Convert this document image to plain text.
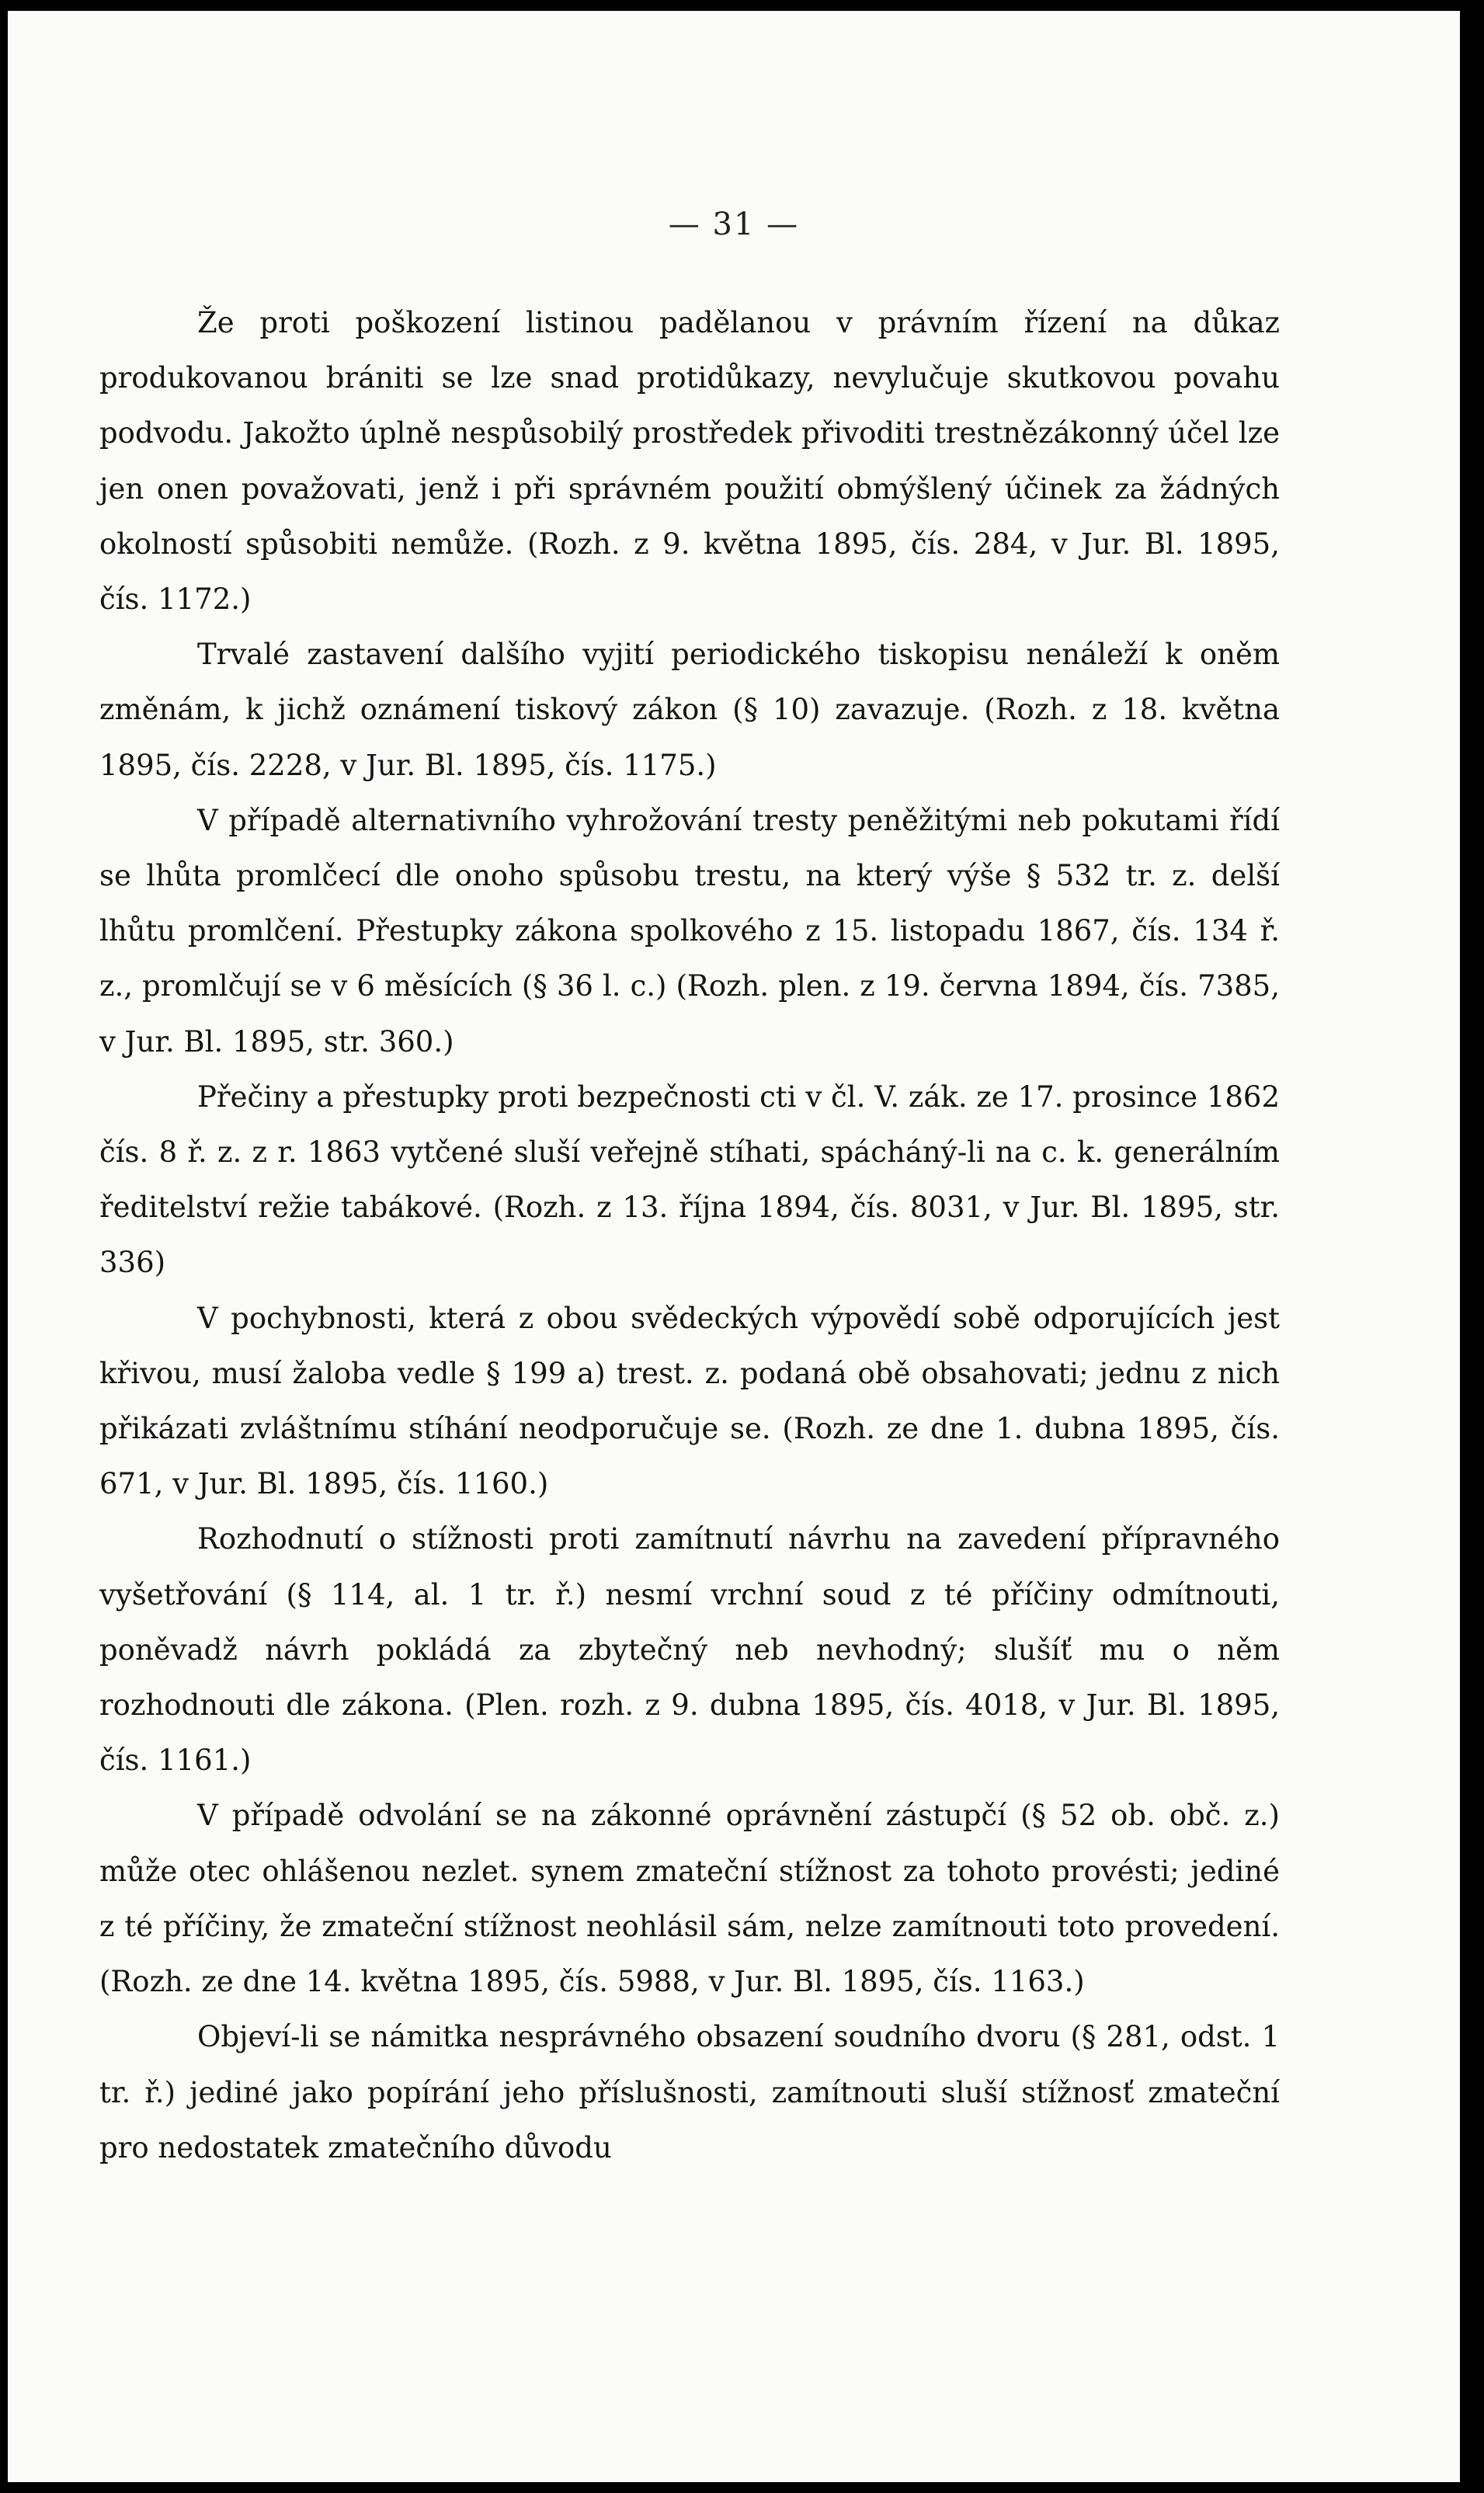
— 31 —

Že proti poškození listinou padělanou v právním řízení na důkaz produkovanou brániti se lze snad protidůkazy, nevylučuje skutkovou povahu podvodu. Jakožto úplně nespůsobilý prostředek přivoditi trestnězákonný účel lze jen onen považovati, jenž i při správném použití obmýšlený účinek za žádných okolností spůsobiti nemůže. (Rozh. z 9. května 1895, čís. 284, v Jur. Bl. 1895, čís. 1172.)

Trvalé zastavení dalšího vyjití periodického tiskopisu nenáleží k oněm změnám, k jichž oznámení tiskový zákon (§ 10) zavazuje. (Rozh. z 18. května 1895, čís. 2228, v Jur. Bl. 1895, čís. 1175.)

V případě alternativního vyhrožování tresty peněžitými neb pokutami řídí se lhůta promlčecí dle onoho spůsobu trestu, na který výše § 532 tr. z. delší lhůtu promlčení. Přestupky zákona spolkového z 15. listopadu 1867, čís. 134 ř. z., promlčují se v 6 měsících (§ 36 l. c.) (Rozh. plen. z 19. června 1894, čís. 7385, v Jur. Bl. 1895, str. 360.)

Přečiny a přestupky proti bezpečnosti cti v čl. V. zák. ze 17. prosince 1862 čís. 8 ř. z. z r. 1863 vytčené sluší veřejně stíhati, spácháný-li na c. k. generálním ředitelství režie tabákové. (Rozh. z 13. října 1894, čís. 8031, v Jur. Bl. 1895, str. 336)

V pochybnosti, která z obou svědeckých výpovědí sobě odporujících jest křivou, musí žaloba vedle § 199 a) trest. z. podaná obě obsahovati; jednu z nich přikázati zvláštnímu stíhání neodporučuje se. (Rozh. ze dne 1. dubna 1895, čís. 671, v Jur. Bl. 1895, čís. 1160.)

Rozhodnutí o stížnosti proti zamítnutí návrhu na zavedení přípravného vyšetřování (§ 114, al. 1 tr. ř.) nesmí vrchní soud z té příčiny odmítnouti, poněvadž návrh pokládá za zbytečný neb nevhodný; slušíť mu o něm rozhodnouti dle zákona. (Plen. rozh. z 9. dubna 1895, čís. 4018, v Jur. Bl. 1895, čís. 1161.)

V případě odvolání se na zákonné oprávnění zástupčí (§ 52 ob. obč. z.) může otec ohlášenou nezlet. synem zmateční stížnost za tohoto provésti; jediné z té příčiny, že zmateční stížnost neohlásil sám, nelze zamítnouti toto provedení. (Rozh. ze dne 14. května 1895, čís. 5988, v Jur. Bl. 1895, čís. 1163.)

Objeví-li se námitka nesprávného obsazení soudního dvoru (§ 281, odst. 1 tr. ř.) jediné jako popírání jeho příslušnosti, zamítnouti sluší stížnosť zmateční pro nedostatek zmatečního důvodu
